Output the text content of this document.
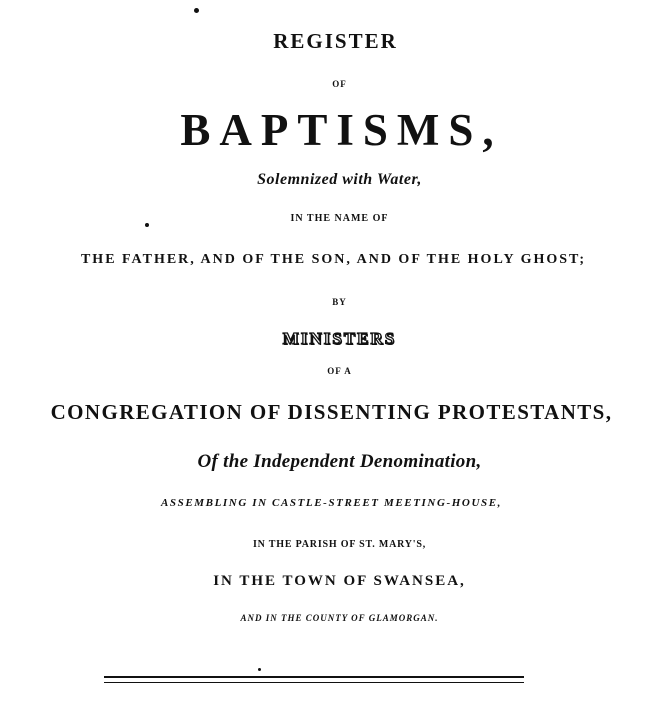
REGISTER
OF
BAPTISMS,
Solemnized with Water,
IN THE NAME OF
THE FATHER, AND OF THE SON, AND OF THE HOLY GHOST;
BY
MINISTERS
OF A
CONGREGATION OF DISSENTING PROTESTANTS,
Of the Independent Denomination,
ASSEMBLING IN CASTLE-STREET MEETING-HOUSE,
IN THE PARISH OF ST. MARY'S,
IN THE TOWN OF SWANSEA,
AND IN THE COUNTY OF GLAMORGAN.
